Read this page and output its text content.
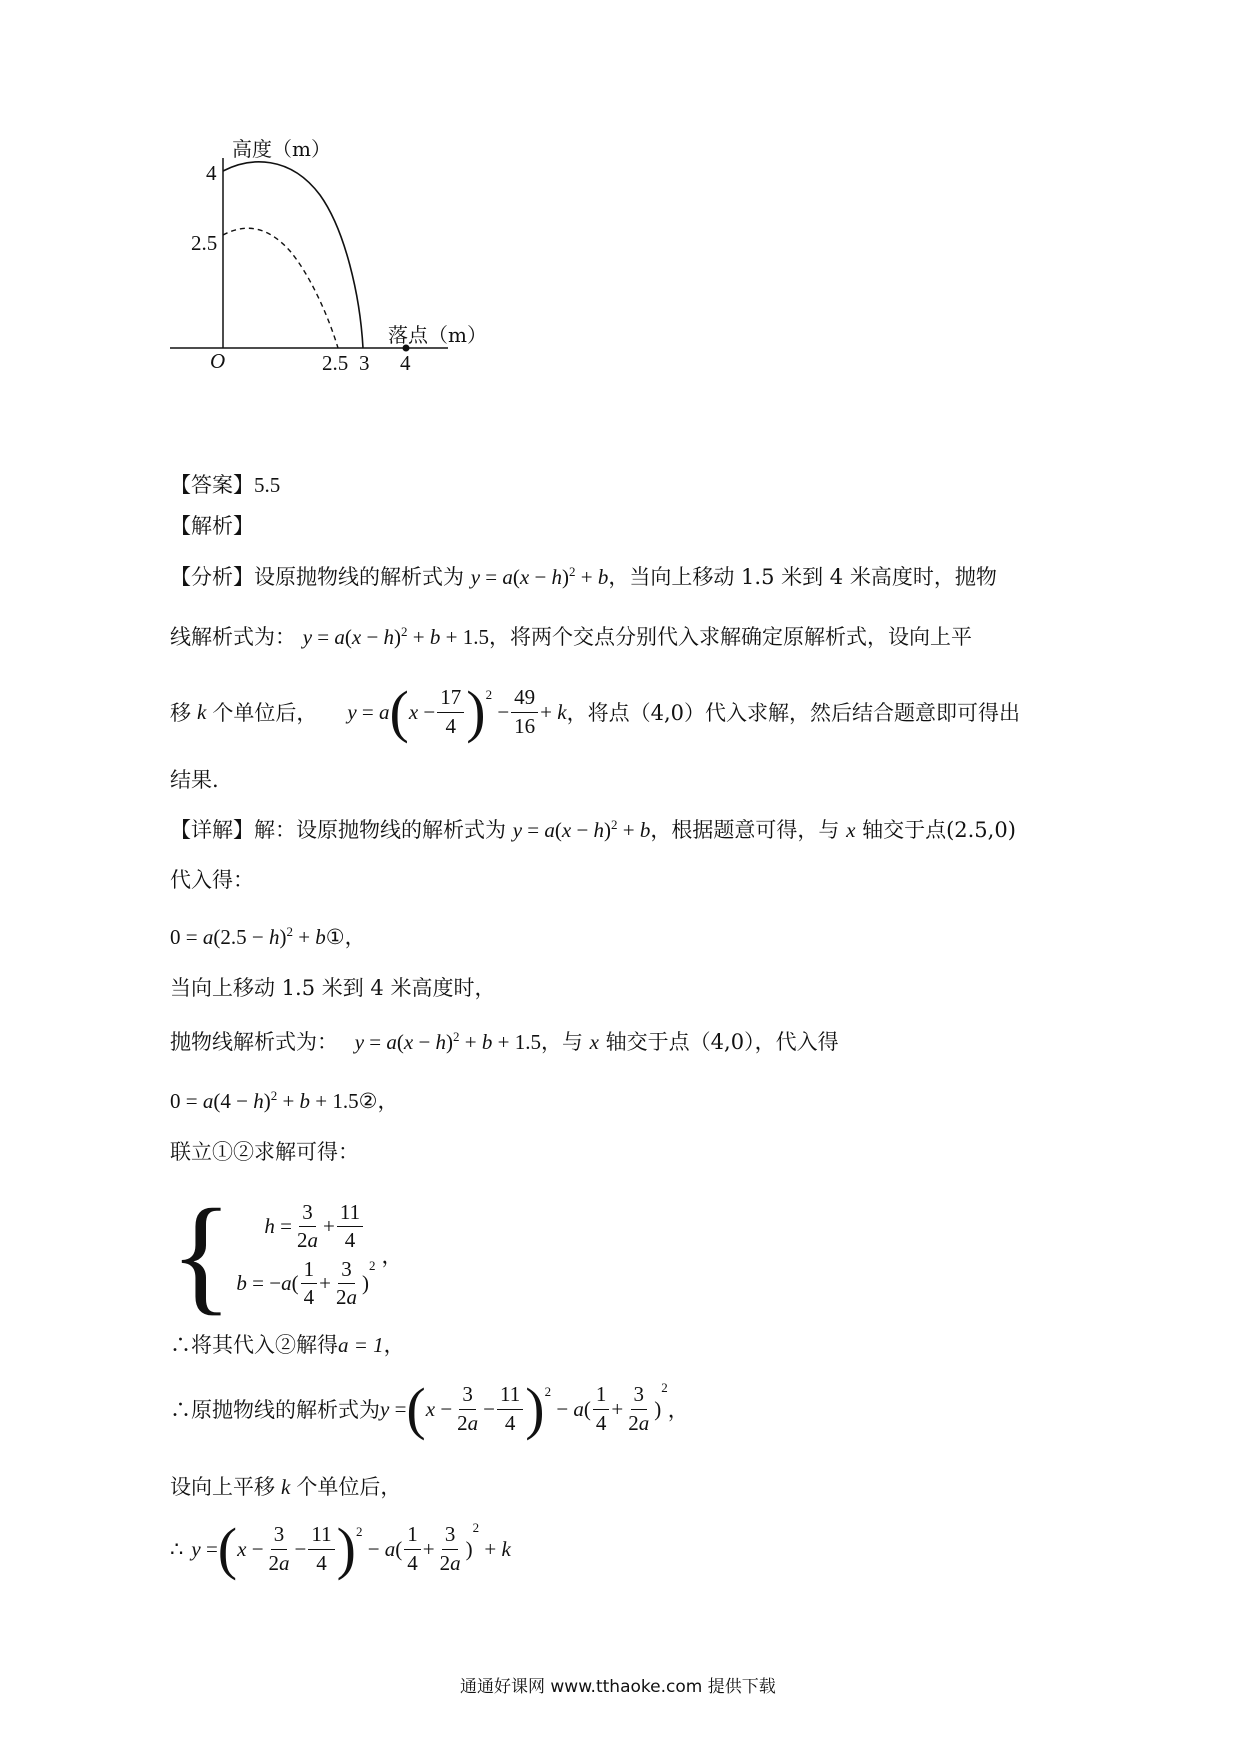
高度（m）
落点（m）
O
4
2.5
2.5 3 4
【答案】5.5
【解析】
【分析】设原抛物线的解析式为 $y = a(x - h)^2 + b$，当向上移动 1.5 米到 4 米高度时，抛物
线解析式为： $y = a(x - h)^2 + b + 1.5$，将两个交点分别代入求解确定原解析式，设向上平
移 k 个单位后， y = a ( $x - \frac{17}{4} )^2$
− $\frac{49}{16} + k$ ，将点（4,0）代入求解，然后结合题意即可得出
结果.
【详解】解：设原抛物线的解析式为 $y = a(x - h)^2 + b$，根据题意可得，与 x 轴交于点(2.5,0)
代入得：
$0 = a(2.5 - h)^2$ + b①，
当向上移动 1.5 米到 4 米高度时，
抛物线解析式为： $y = a(x - h)^2 + b + 1.5$，与 x 轴交于点（4,0），代入得
$0 = a(4 - h)^2 + b$ + 1.5②，
联立①②求解可得：
{ $h = \frac{3}{2a} + \frac{11}{4}$
b = − a ( $\frac{1}{4} + \frac{3}{2a}$ )
$^2$ ，
∴将其代入②解得a = 1，
∴原抛物线的解析式为 y = ( $x - \frac{3}{2a} - \frac{11}{4} )^2$
− a ( $\frac{1}{4} + \frac{3}{2a}$ )
$^2$
，
设向上平移 k 个单位后，
∴ y = ( $x - \frac{3}{2a} - \frac{11}{4} )^2$
− a ( $\frac{1}{4} + \frac{3}{2a}$ )
$^2$
+ k
通通好课网 www.tthaoke.com 提供下载
